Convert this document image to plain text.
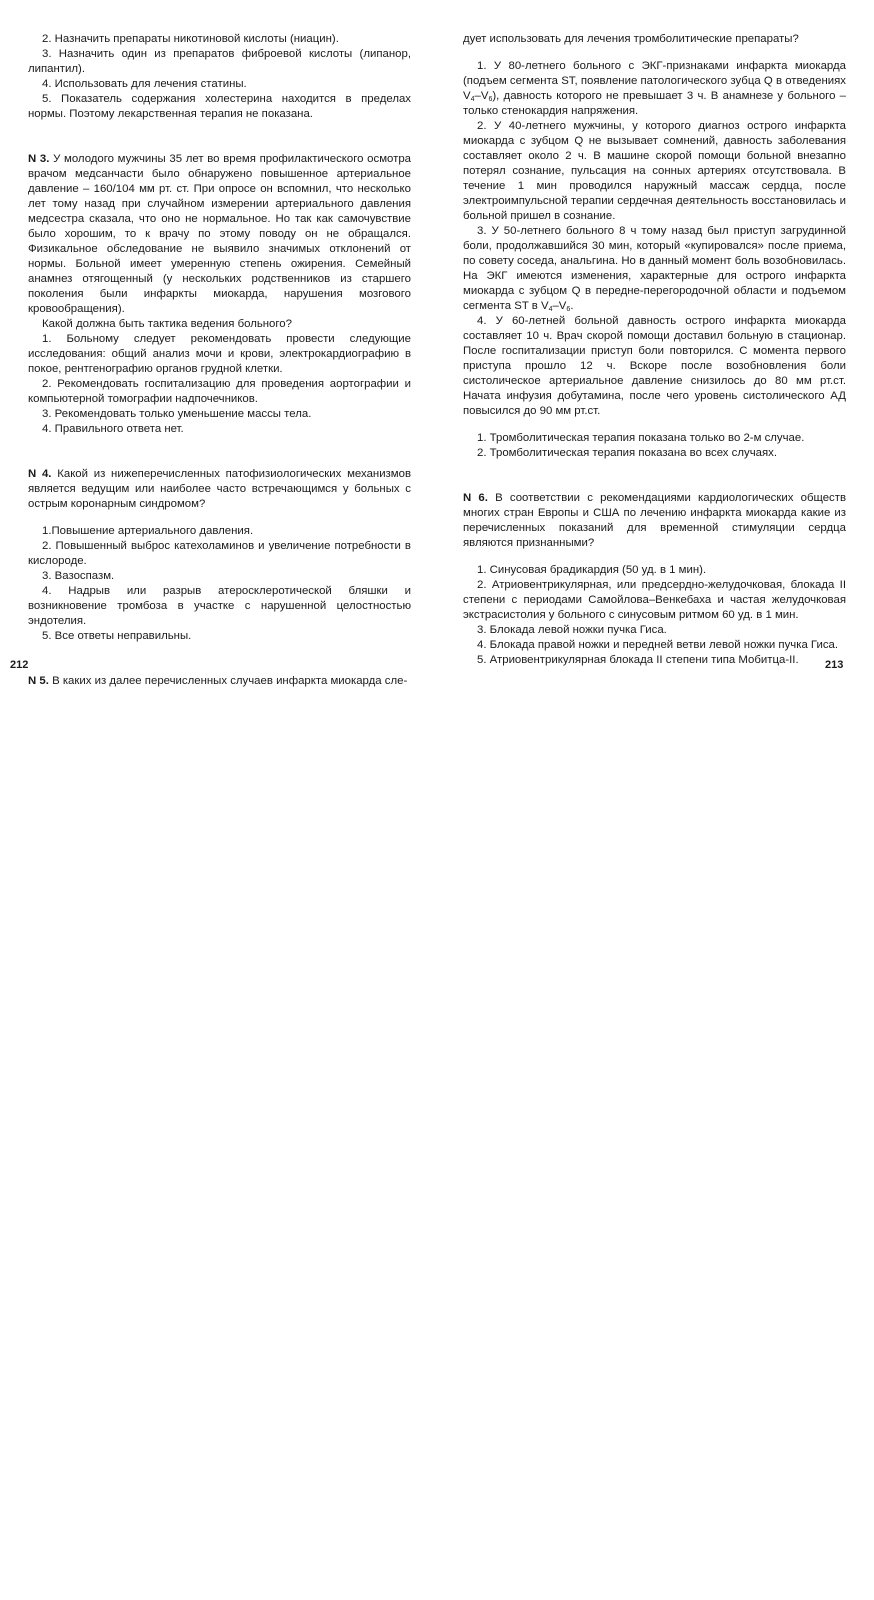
2. Назначить препараты никотиновой кислоты (ниацин).

3. Назначить один из препаратов фиброевой кислоты (липанор, липантил).

4. Использовать для лечения статины.

5. Показатель содержания холестерина находится в пределах нормы. Поэтому лекарственная терапия не показана.

N 3. У молодого мужчины 35 лет во время профилактического осмотра врачом медсанчасти было обнаружено повышенное артериальное давление – 160/104 мм рт. ст. При опросе он вспомнил, что несколько лет тому назад при случайном измерении артериального давления медсестра сказала, что оно не нормальное. Но так как самочувствие было хорошим, то к врачу по этому поводу он не обращался. Физикальное обследование не выявило значимых отклонений от нормы. Больной имеет умеренную степень ожирения. Семейный анамнез отягощенный (у нескольких родственников из старшего поколения были инфаркты миокарда, нарушения мозгового кровообращения).

Какой должна быть тактика ведения больного?

1. Больному следует рекомендовать провести следующие исследования: общий анализ мочи и крови, электрокардиографию в покое, рентгенографию органов грудной клетки.

2. Рекомендовать госпитализацию для проведения аортографии и компьютерной томографии надпочечников.

3. Рекомендовать только уменьшение массы тела.

4. Правильного ответа нет.

N 4. Какой из нижеперечисленных патофизиологических механизмов является ведущим или наиболее часто встречающимся у больных с острым коронарным синдромом?

1.Повышение артериального давления.

2. Повышенный выброс катехоламинов и увеличение потребности в кислороде.

3. Вазоспазм.

4. Надрыв или разрыв атеросклеротической бляшки и возникновение тромбоза в участке с нарушенной целостностью эндотелия.

5. Все ответы неправильны.

N 5. В каких из далее перечисленных случаев инфаркта миокарда сле-

212

дует использовать для лечения тромболитические препараты?

1. У 80-летнего больного с ЭКГ-признаками инфаркта миокарда (подъем сегмента ST, появление патологического зубца Q в отведениях $V_4-V_6$), давность которого не превышает 3 ч. В анамнезе у больного – только стенокардия напряжения.

2. У 40-летнего мужчины, у которого диагноз острого инфаркта миокарда с зубцом Q не вызывает сомнений, давность заболевания составляет около 2 ч. В машине скорой помощи больной внезапно потерял сознание, пульсация на сонных артериях отсутствовала. В течение 1 мин проводился наружный массаж сердца, после электроимпульсной терапии сердечная деятельность восстановилась и больной пришел в сознание.

3. У 50-летнего больного 8 ч тому назад был приступ загрудинной боли, продолжавшийся 30 мин, который «купировался» после приема, по совету соседа, анальгина. Но в данный момент боль возобновилась. На ЭКГ имеются изменения, характерные для острого инфаркта миокарда с зубцом Q в передне-перегородочной области и подъемом сегмента ST в $V_4-V_6$.

4. У 60-летней больной давность острого инфаркта миокарда составляет 10 ч. Врач скорой помощи доставил больную в стационар. После госпитализации приступ боли повторился. С момента первого приступа прошло 12 ч. Вскоре после возобновления боли систолическое артериальное давление снизилось до 80 мм рт.ст. Начата инфузия добутамина, после чего уровень систолического АД повысился до 90 мм рт.ст.

1. Тромболитическая терапия показана только во 2-м случае.

2. Тромболитическая терапия показана во всех случаях.

N 6. В соответствии с рекомендациями кардиологических обществ многих стран Европы и США по лечению инфаркта миокарда какие из перечисленных показаний для временной стимуляции сердца являются признанными?

1. Синусовая брадикардия (50 уд. в 1 мин).

2. Атриовентрикулярная, или предсердно-желудочковая, блокада II степени с периодами Самойлова–Венкебаха и частая желудочковая экстрасистолия у больного с синусовым ритмом 60 уд. в 1 мин.

3. Блокада левой ножки пучка Гиса.

4. Блокада правой ножки и передней ветви левой ножки пучка Гиса.

5. Атриовентрикулярная блокада II степени типа Мобитца-II.	213
